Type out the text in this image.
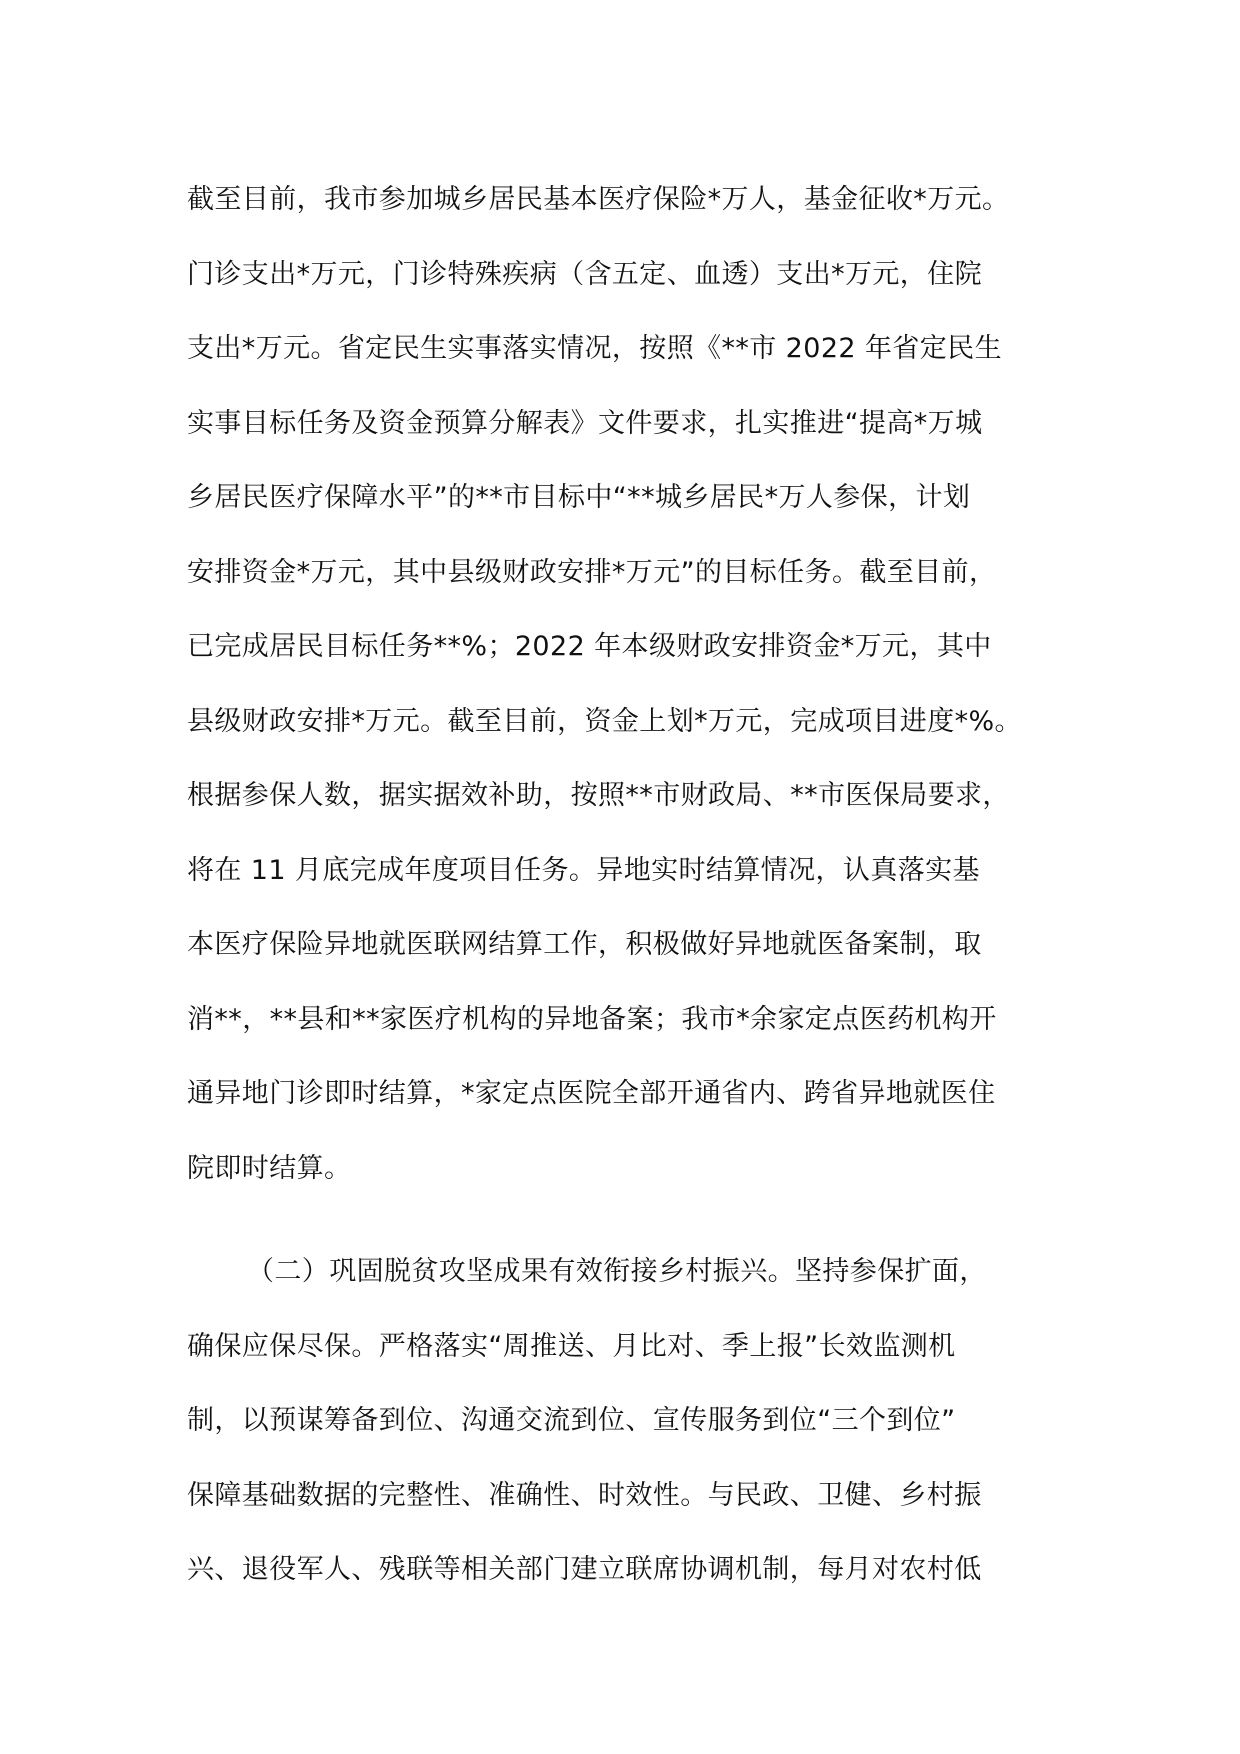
截至目前，我市参加城乡居民基本医疗保险*万人，基金征收*万元。
门诊支出*万元，门诊特殊疾病（含五定、血透）支出*万元，住院
支出*万元。省定民生实事落实情况，按照《**市 2022 年省定民生
实事目标任务及资金预算分解表》文件要求，扎实推进“提高*万城
乡居民医疗保障水平”的**市目标中“**城乡居民*万人参保，计划
安排资金*万元，其中县级财政安排*万元”的目标任务。截至目前，
已完成居民目标任务**%；2022 年本级财政安排资金*万元，其中
县级财政安排*万元。截至目前，资金上划*万元，完成项目进度*%。
根据参保人数，据实据效补助，按照**市财政局、**市医保局要求，
将在 11 月底完成年度项目任务。异地实时结算情况，认真落实基
本医疗保险异地就医联网结算工作，积极做好异地就医备案制，取
消**，**县和**家医疗机构的异地备案；我市*余家定点医药机构开
通异地门诊即时结算，*家定点医院全部开通省内、跨省异地就医住
院即时结算。
（二）巩固脱贫攻坚成果有效衔接乡村振兴。坚持参保扩面，
确保应保尽保。严格落实“周推送、月比对、季上报”长效监测机
制，以预谋筹备到位、沟通交流到位、宣传服务到位“三个到位”
保障基础数据的完整性、准确性、时效性。与民政、卫健、乡村振
兴、退役军人、残联等相关部门建立联席协调机制，每月对农村低
